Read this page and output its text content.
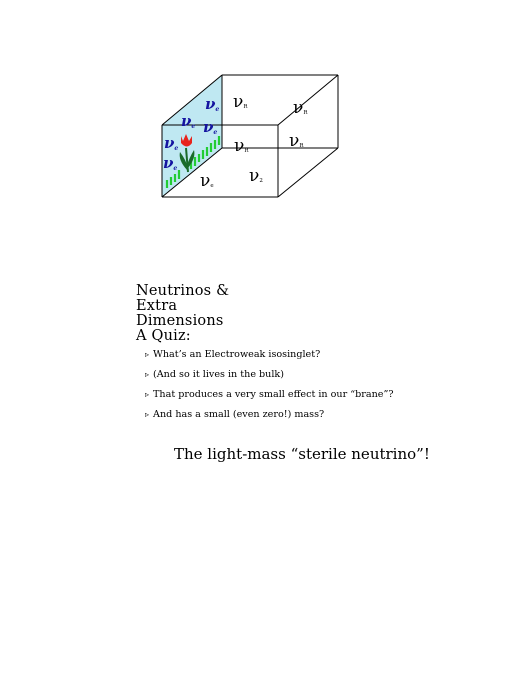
νe
νe νe
νe
νe
νR	νR
νR νR
νe ν2
Neutrinos &
Extra
Dimensions
A Quiz:
▹ What’s an Electroweak isosinglet?
▹ (And so it lives in the bulk)
▹ That produces a very small effect in our “brane”?
▹ And has a small (even zero!) mass?
The light-mass “sterile neutrino”!
